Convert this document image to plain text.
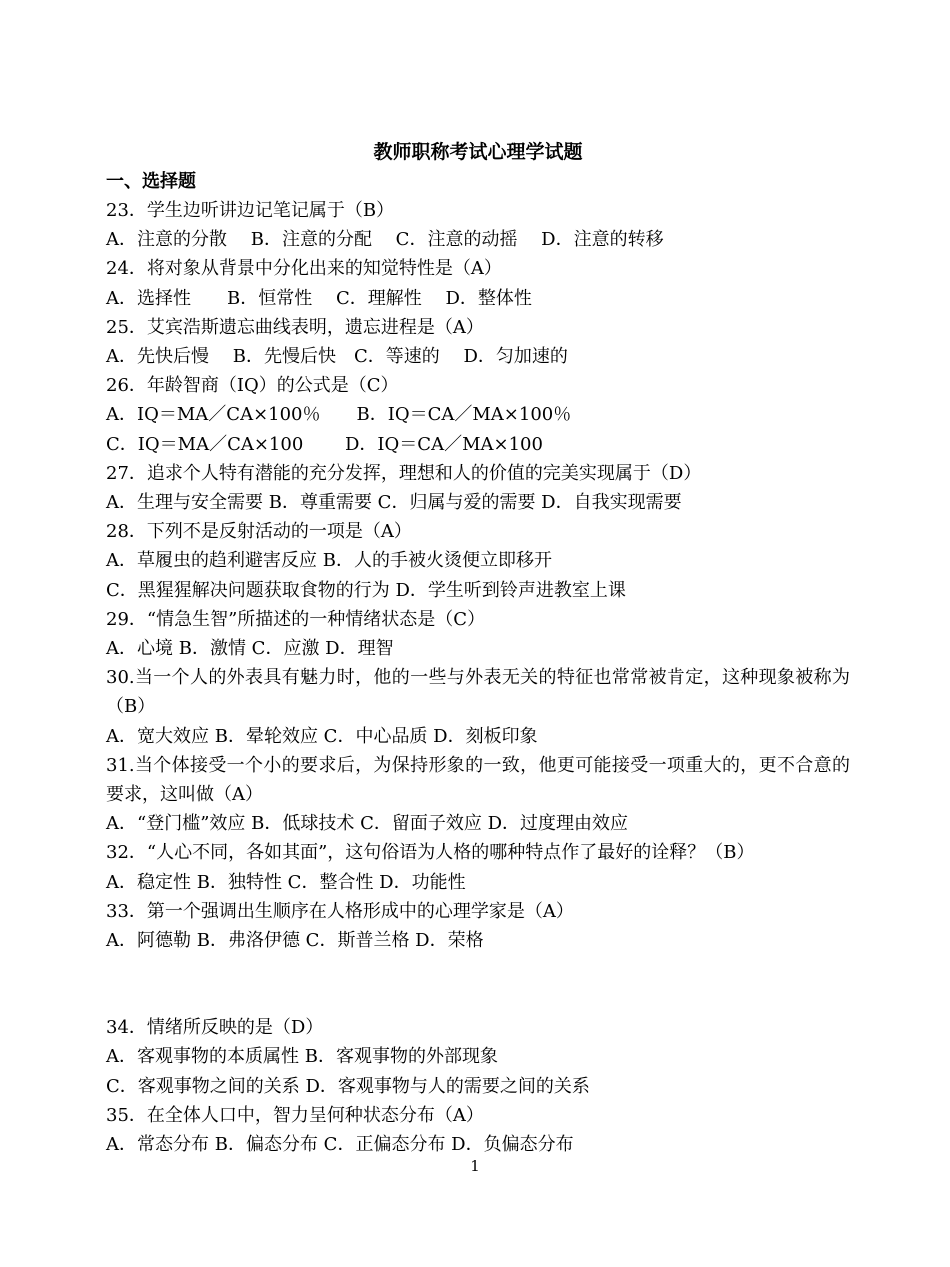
教师职称考试心理学试题
一、选择题
23．学生边听讲边记笔记属于（B）
A．注意的分散　 B．注意的分配　 C．注意的动摇　 D．注意的转移
24．将对象从背景中分化出来的知觉特性是（A）
A．选择性　　B．恒常性　 C．理解性　 D．整体性
25．艾宾浩斯遗忘曲线表明，遗忘进程是（A）
A．先快后慢　 B．先慢后快　C．等速的　 D．匀加速的
26．年龄智商（IQ）的公式是（C）
A．IQ＝MA／CA×100％　　B．IQ＝CA／MA×100％
C．IQ＝MA／CA×100　　 D．IQ＝CA／MA×100
27．追求个人特有潜能的充分发挥，理想和人的价值的完美实现属于（D）
A．生理与安全需要 B．尊重需要 C．归属与爱的需要 D．自我实现需要
28．下列不是反射活动的一项是（A）
A．草履虫的趋利避害反应 B．人的手被火烫便立即移开
C．黑猩猩解决问题获取食物的行为 D．学生听到铃声进教室上课
29．“情急生智”所描述的一种情绪状态是（C）
A．心境 B．激情 C．应激 D．理智
30.当一个人的外表具有魅力时，他的一些与外表无关的特征也常常被肯定，这种现象被称为（B）
A．宽大效应 B．晕轮效应 C．中心品质 D．刻板印象
31.当个体接受一个小的要求后，为保持形象的一致，他更可能接受一项重大的，更不合意的要求，这叫做（A）
A．“登门槛”效应 B．低球技术 C．留面子效应 D．过度理由效应
32．“人心不同，各如其面”，这句俗语为人格的哪种特点作了最好的诠释？（B）
A．稳定性 B．独特性 C．整合性 D．功能性
33．第一个强调出生顺序在人格形成中的心理学家是（A）
A．阿德勒 B．弗洛伊德 C．斯普兰格 D．荣格
34．情绪所反映的是（D）
A．客观事物的本质属性 B．客观事物的外部现象
C．客观事物之间的关系 D．客观事物与人的需要之间的关系
35．在全体人口中，智力呈何种状态分布（A）
A．常态分布 B．偏态分布 C．正偏态分布 D．负偏态分布
1
